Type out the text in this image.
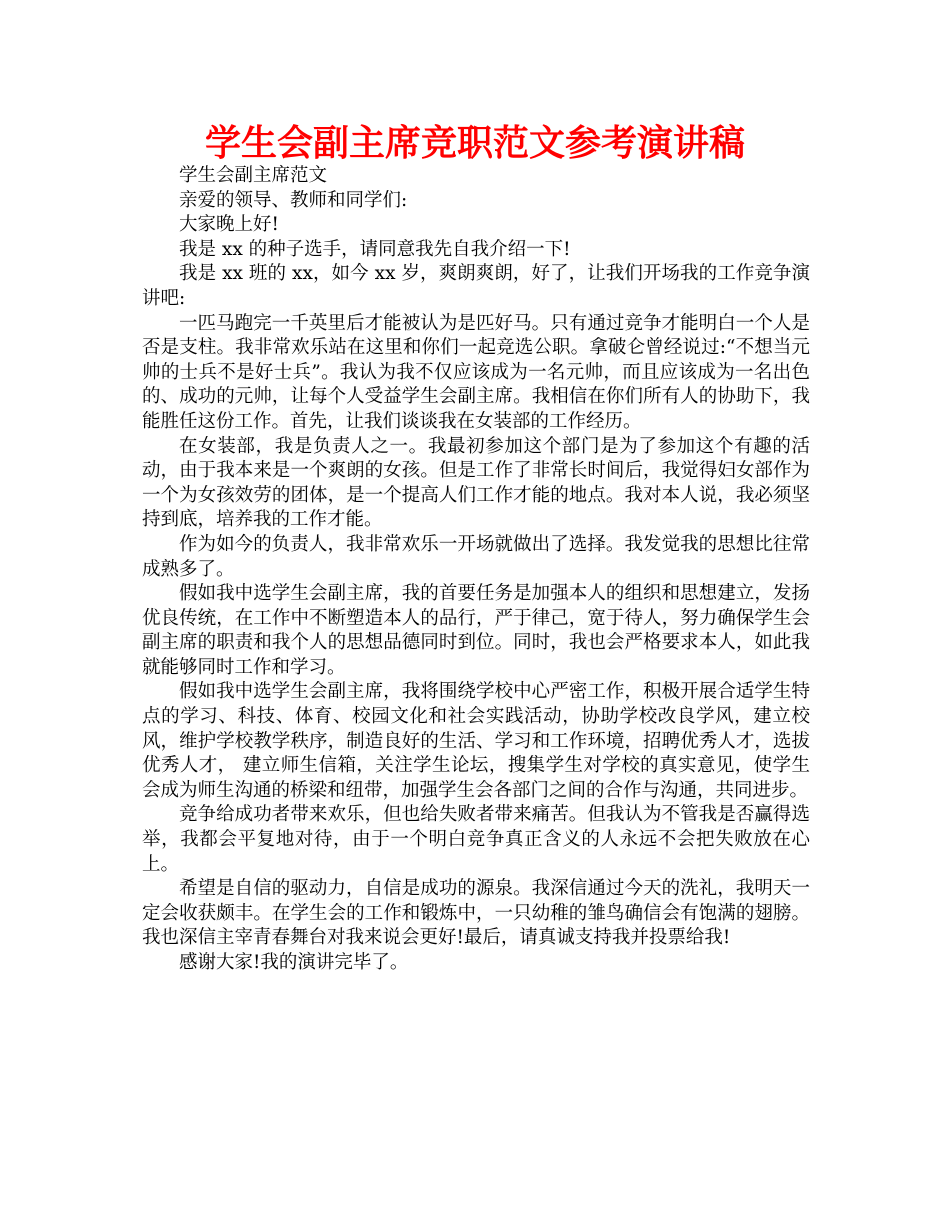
学生会副主席竞职范文参考演讲稿

学生会副主席范文

亲爱的领导、教师和同学们:

大家晚上好!

我是 xx 的种子选手，请同意我先自我介绍一下!

我是 xx 班的 xx，如今 xx 岁，爽朗爽朗，好了，让我们开场我的工作竞争演讲吧:

一匹马跑完一千英里后才能被认为是匹好马。只有通过竞争才能明白一个人是否是支柱。我非常欢乐站在这里和你们一起竞选公职。拿破仑曾经说过:“不想当元帅的士兵不是好士兵”。我认为我不仅应该成为一名元帅，而且应该成为一名出色的、成功的元帅，让每个人受益学生会副主席。我相信在你们所有人的协助下，我能胜任这份工作。首先，让我们谈谈我在女装部的工作经历。

在女装部，我是负责人之一。我最初参加这个部门是为了参加这个有趣的活动，由于我本来是一个爽朗的女孩。但是工作了非常长时间后，我觉得妇女部作为一个为女孩效劳的团体，是一个提高人们工作才能的地点。我对本人说，我必须坚持到底，培养我的工作才能。

作为如今的负责人，我非常欢乐一开场就做出了选择。我发觉我的思想比往常成熟多了。

假如我中选学生会副主席，我的首要任务是加强本人的组织和思想建立，发扬优良传统，在工作中不断塑造本人的品行，严于律己，宽于待人，努力确保学生会副主席的职责和我个人的思想品德同时到位。同时，我也会严格要求本人，如此我就能够同时工作和学习。

假如我中选学生会副主席，我将围绕学校中心严密工作，积极开展合适学生特点的学习、科技、体育、校园文化和社会实践活动，协助学校改良学风，建立校风，维护学校教学秩序，制造良好的生活、学习和工作环境，招聘优秀人才，选拔优秀人才， 建立师生信箱，关注学生论坛，搜集学生对学校的真实意见，使学生会成为师生沟通的桥梁和纽带，加强学生会各部门之间的合作与沟通，共同进步。

竞争给成功者带来欢乐，但也给失败者带来痛苦。但我认为不管我是否赢得选举，我都会平复地对待，由于一个明白竞争真正含义的人永远不会把失败放在心上。

希望是自信的驱动力，自信是成功的源泉。我深信通过今天的洗礼，我明天一定会收获颇丰。在学生会的工作和锻炼中，一只幼稚的雏鸟确信会有饱满的翅膀。我也深信主宰青春舞台对我来说会更好!最后，请真诚支持我并投票给我!

感谢大家!我的演讲完毕了。
